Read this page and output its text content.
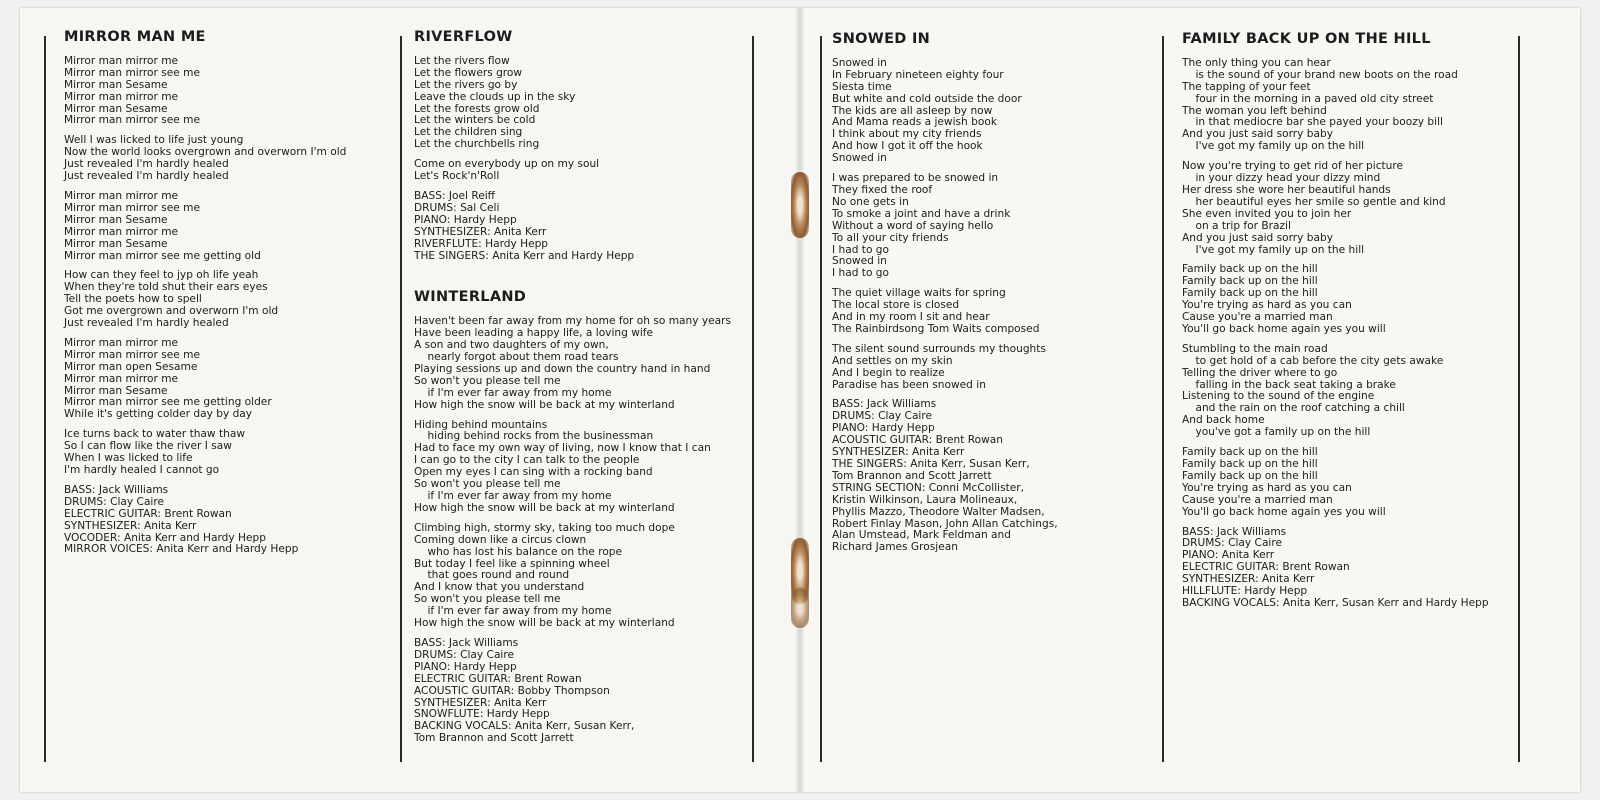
MIRROR MAN ME
Mirror man mirror me
Mirror man mirror see me
Mirror man Sesame
Mirror man mirror me
Mirror man Sesame
Mirror man mirror see me
Well I was licked to life just young
Now the world looks overgrown and overworn I'm old
Just revealed I'm hardly healed
Just revealed I'm hardly healed
Mirror man mirror me
Mirror man mirror see me
Mirror man Sesame
Mirror man mirror me
Mirror man Sesame
Mirror man mirror see me getting old
How can they feel to jyp oh life yeah
When they're told shut their ears eyes
Tell the poets how to spell
Got me overgrown and overworn I'm old
Just revealed I'm hardly healed
Mirror man mirror me
Mirror man mirror see me
Mirror man open Sesame
Mirror man mirror me
Mirror man Sesame
Mirror man mirror see me getting older
While it's getting colder day by day
Ice turns back to water thaw thaw
So I can flow like the river I saw
When I was licked to life
I'm hardly healed I cannot go
BASS: Jack Williams
DRUMS: Clay Caire
ELECTRIC GUITAR: Brent Rowan
SYNTHESIZER: Anita Kerr
VOCODER: Anita Kerr and Hardy Hepp
MIRROR VOICES: Anita Kerr and Hardy Hepp
RIVERFLOW
Let the rivers flow
Let the flowers grow
Let the rivers go by
Leave the clouds up in the sky
Let the forests grow old
Let the winters be cold
Let the children sing
Let the churchbells ring
Come on everybody up on my soul
Let's Rock'n'Roll
BASS: Joel Reiff
DRUMS: Sal Celi
PIANO: Hardy Hepp
SYNTHESIZER: Anita Kerr
RIVERFLUTE: Hardy Hepp
THE SINGERS: Anita Kerr and Hardy Hepp
WINTERLAND
Haven't been far away from my home for oh so many years
Have been leading a happy life, a loving wife
A son and two daughters of my own,
nearly forgot about them road tears
Playing sessions up and down the country hand in hand
So won't you please tell me
if I'm ever far away from my home
How high the snow will be back at my winterland
Hiding behind mountains
hiding behind rocks from the businessman
Had to face my own way of living, now I know that I can
I can go to the city I can talk to the people
Open my eyes I can sing with a rocking band
So won't you please tell me
if I'm ever far away from my home
How high the snow will be back at my winterland
Climbing high, stormy sky, taking too much dope
Coming down like a circus clown
who has lost his balance on the rope
But today I feel like a spinning wheel
that goes round and round
And I know that you understand
So won't you please tell me
if I'm ever far away from my home
How high the snow will be back at my winterland
BASS: Jack Williams
DRUMS: Clay Caire
PIANO: Hardy Hepp
ELECTRIC GUITAR: Brent Rowan
ACOUSTIC GUITAR: Bobby Thompson
SYNTHESIZER: Anita Kerr
SNOWFLUTE: Hardy Hepp
BACKING VOCALS: Anita Kerr, Susan Kerr,
Tom Brannon and Scott Jarrett
SNOWED IN
Snowed in
In February nineteen eighty four
Siesta time
But white and cold outside the door
The kids are all asleep by now
And Mama reads a jewish book
I think about my city friends
And how I got it off the hook
Snowed in
I was prepared to be snowed in
They fixed the roof
No one gets in
To smoke a joint and have a drink
Without a word of saying hello
To all your city friends
I had to go
Snowed in
I had to go
The quiet village waits for spring
The local store is closed
And in my room I sit and hear
The Rainbirdsong Tom Waits composed
The silent sound surrounds my thoughts
And settles on my skin
And I begin to realize
Paradise has been snowed in
BASS: Jack Williams
DRUMS: Clay Caire
PIANO: Hardy Hepp
ACOUSTIC GUITAR: Brent Rowan
SYNTHESIZER: Anita Kerr
THE SINGERS: Anita Kerr, Susan Kerr,
Tom Brannon and Scott Jarrett
STRING SECTION: Conni McCollister,
Kristin Wilkinson, Laura Molineaux,
Phyllis Mazzo, Theodore Walter Madsen,
Robert Finlay Mason, John Allan Catchings,
Alan Umstead, Mark Feldman and
Richard James Grosjean
FAMILY BACK UP ON THE HILL
The only thing you can hear
is the sound of your brand new boots on the road
The tapping of your feet
four in the morning in a paved old city street
The woman you left behind
in that mediocre bar she payed your boozy bill
And you just said sorry baby
I've got my family up on the hill
Now you're trying to get rid of her picture
in your dizzy head your dizzy mind
Her dress she wore her beautiful hands
her beautiful eyes her smile so gentle and kind
She even invited you to join her
on a trip for Brazil
And you just said sorry baby
I've got my family up on the hill
Family back up on the hill
Family back up on the hill
Family back up on the hill
You're trying as hard as you can
Cause you're a married man
You'll go back home again yes you will
Stumbling to the main road
to get hold of a cab before the city gets awake
Telling the driver where to go
falling in the back seat taking a brake
Listening to the sound of the engine
and the rain on the roof catching a chill
And back home
you've got a family up on the hill
Family back up on the hill
Family back up on the hill
Family back up on the hill
You're trying as hard as you can
Cause you're a married man
You'll go back home again yes you will
BASS: Jack Williams
DRUMS: Clay Caire
PIANO: Anita Kerr
ELECTRIC GUITAR: Brent Rowan
SYNTHESIZER: Anita Kerr
HILLFLUTE: Hardy Hepp
BACKING VOCALS: Anita Kerr, Susan Kerr and Hardy Hepp
